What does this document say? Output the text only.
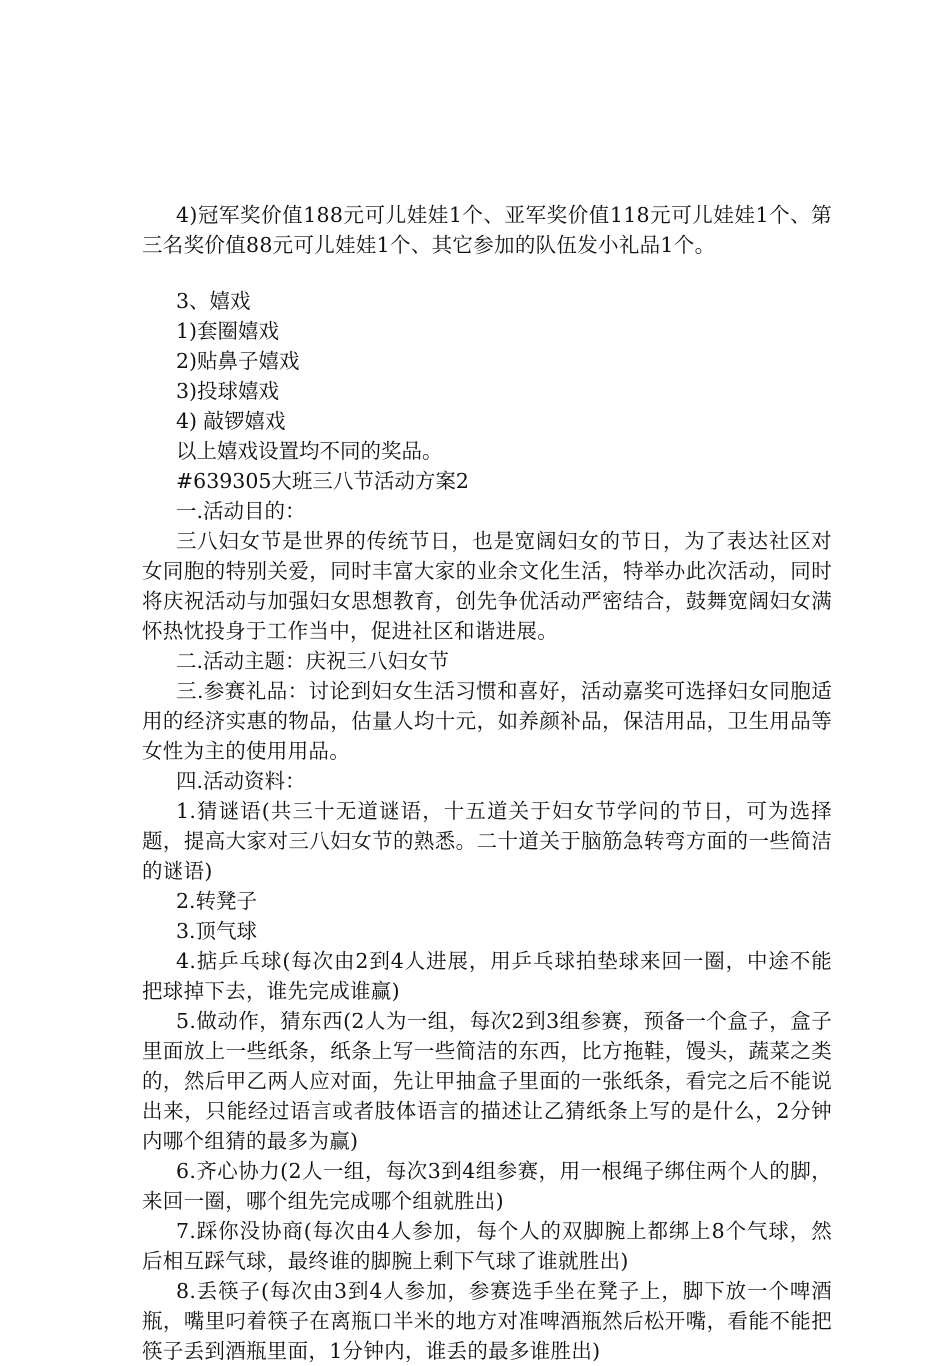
4)冠军奖价值188元可儿娃娃1个、亚军奖价值118元可儿娃娃1个、第三名奖价值88元可儿娃娃1个、其它参加的队伍发小礼品1个。

3、嬉戏

1)套圈嬉戏

2)贴鼻子嬉戏

3)投球嬉戏

4) 敲锣嬉戏

以上嬉戏设置均不同的奖品。

#639305大班三八节活动方案2

一.活动目的：

三八妇女节是世界的传统节日，也是宽阔妇女的节日，为了表达社区对女同胞的特别关爱，同时丰富大家的业余文化生活，特举办此次活动，同时将庆祝活动与加强妇女思想教育，创先争优活动严密结合，鼓舞宽阔妇女满怀热忱投身于工作当中，促进社区和谐进展。

二.活动主题：庆祝三八妇女节

三.参赛礼品：讨论到妇女生活习惯和喜好，活动嘉奖可选择妇女同胞适用的经济实惠的物品，估量人均十元，如养颜补品，保洁用品，卫生用品等女性为主的使用用品。

四.活动资料：

1.猜谜语(共三十无道谜语，十五道关于妇女节学问的节日，可为选择题，提高大家对三八妇女节的熟悉。二十道关于脑筋急转弯方面的一些简洁的谜语)

2.转凳子

3.顶气球

4.掂乒乓球(每次由2到4人进展，用乒乓球拍垫球来回一圈，中途不能把球掉下去，谁先完成谁赢)

5.做动作，猜东西(2人为一组，每次2到3组参赛，预备一个盒子，盒子里面放上一些纸条，纸条上写一些简洁的东西，比方拖鞋，馒头，蔬菜之类的，然后甲乙两人应对面，先让甲抽盒子里面的一张纸条，看完之后不能说出来，只能经过语言或者肢体语言的描述让乙猜纸条上写的是什么，2分钟内哪个组猜的最多为赢)

6.齐心协力(2人一组，每次3到4组参赛，用一根绳子绑住两个人的脚，来回一圈，哪个组先完成哪个组就胜出)

7.踩你没协商(每次由4人参加，每个人的双脚腕上都绑上8个气球，然后相互踩气球，最终谁的脚腕上剩下气球了谁就胜出)

8.丢筷子(每次由3到4人参加，参赛选手坐在凳子上，脚下放一个啤酒瓶，嘴里叼着筷子在离瓶口半米的地方对准啤酒瓶然后松开嘴，看能不能把筷子丢到酒瓶里面，1分钟内，谁丢的最多谁胜出)
